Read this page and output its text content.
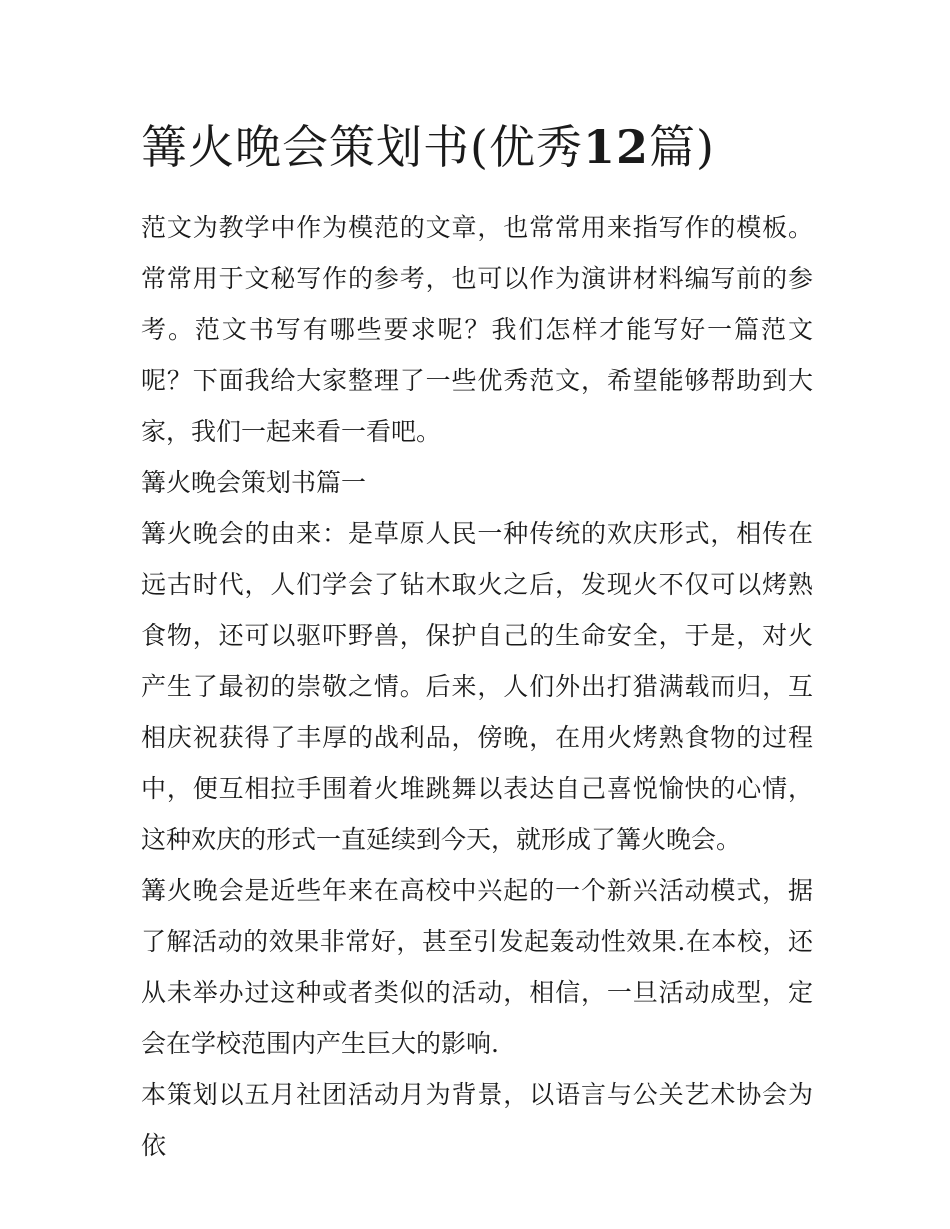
篝火晚会策划书(优秀12篇)

范文为教学中作为模范的文章，也常常用来指写作的模板。常常用于文秘写作的参考，也可以作为演讲材料编写前的参考。范文书写有哪些要求呢？我们怎样才能写好一篇范文呢？下面我给大家整理了一些优秀范文，希望能够帮助到大家，我们一起来看一看吧。

篝火晚会策划书篇一

篝火晚会的由来：是草原人民一种传统的欢庆形式，相传在远古时代，人们学会了钻木取火之后，发现火不仅可以烤熟食物，还可以驱吓野兽，保护自己的生命安全，于是，对火产生了最初的崇敬之情。后来，人们外出打猎满载而归，互相庆祝获得了丰厚的战利品，傍晚，在用火烤熟食物的过程中，便互相拉手围着火堆跳舞以表达自己喜悦愉快的心情，这种欢庆的形式一直延续到今天，就形成了篝火晚会。

篝火晚会是近些年来在高校中兴起的一个新兴活动模式，据了解活动的效果非常好，甚至引发起轰动性效果.在本校，还从未举办过这种或者类似的活动，相信，一旦活动成型，定会在学校范围内产生巨大的影响.

本策划以五月社团活动月为背景，以语言与公关艺术协会为依
